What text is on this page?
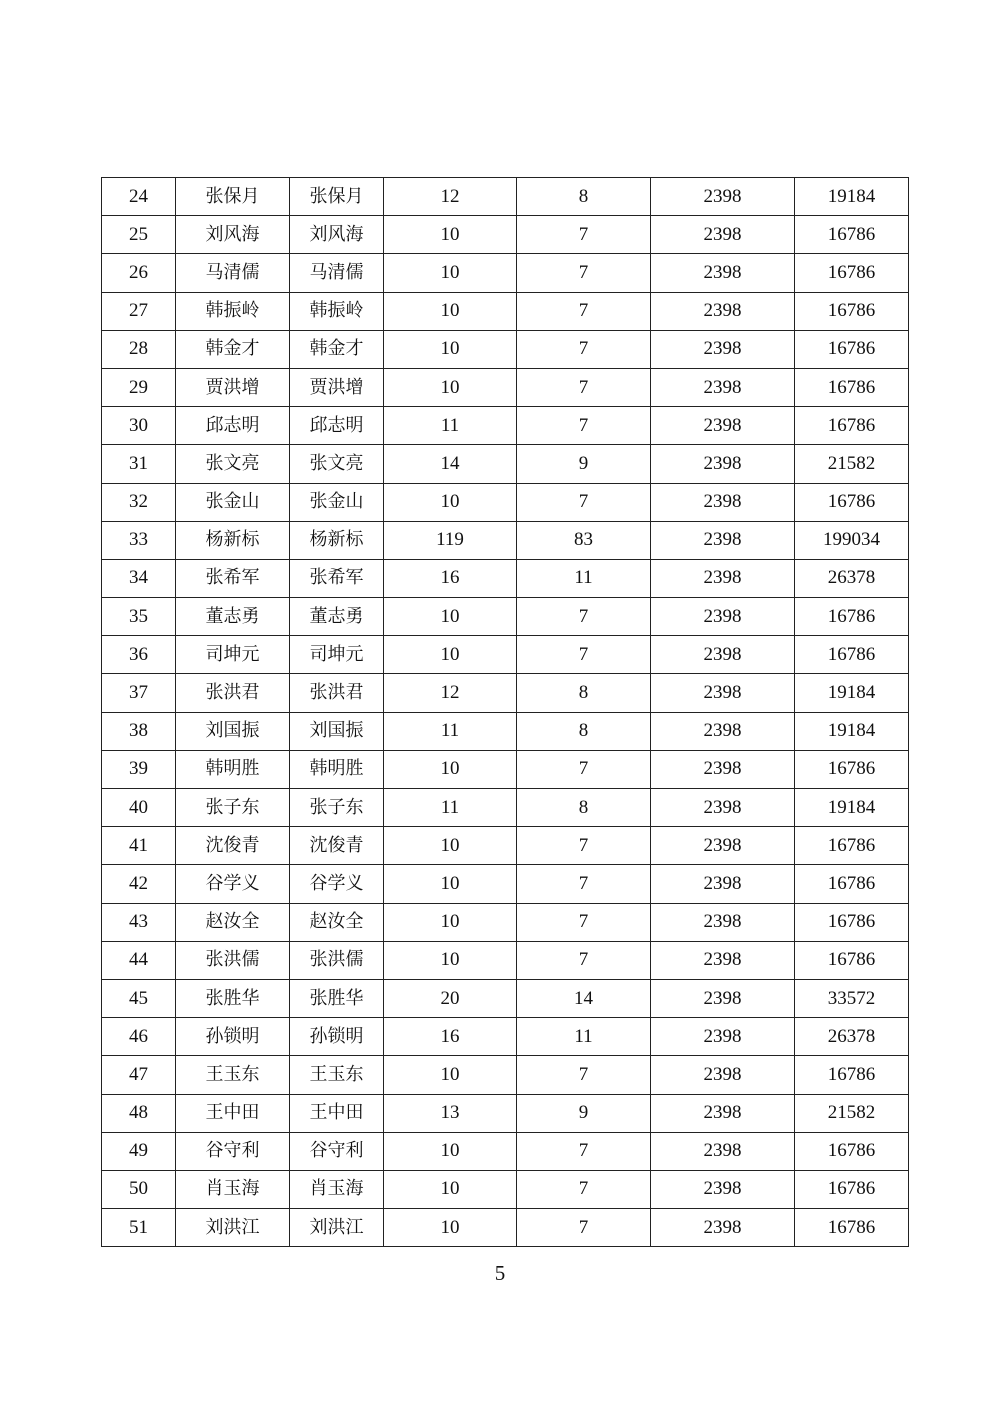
24	张保月	张保月	12	8	2398	19184
25	刘风海	刘风海	10	7	2398	16786
26	马清儒	马清儒	10	7	2398	16786
27	韩振岭	韩振岭	10	7	2398	16786
28	韩金才	韩金才	10	7	2398	16786
29	贾洪增	贾洪增	10	7	2398	16786
30	邱志明	邱志明	11	7	2398	16786
31	张文亮	张文亮	14	9	2398	21582
32	张金山	张金山	10	7	2398	16786
33	杨新标	杨新标	119	83	2398	199034
34	张希军	张希军	16	11	2398	26378
35	董志勇	董志勇	10	7	2398	16786
36	司坤元	司坤元	10	7	2398	16786
37	张洪君	张洪君	12	8	2398	19184
38	刘国振	刘国振	11	8	2398	19184
39	韩明胜	韩明胜	10	7	2398	16786
40	张子东	张子东	11	8	2398	19184
41	沈俊青	沈俊青	10	7	2398	16786
42	谷学义	谷学义	10	7	2398	16786
43	赵汝全	赵汝全	10	7	2398	16786
44	张洪儒	张洪儒	10	7	2398	16786
45	张胜华	张胜华	20	14	2398	33572
46	孙锁明	孙锁明	16	11	2398	26378
47	王玉东	王玉东	10	7	2398	16786
48	王中田	王中田	13	9	2398	21582
49	谷守利	谷守利	10	7	2398	16786
50	肖玉海	肖玉海	10	7	2398	16786
51	刘洪江	刘洪江	10	7	2398	16786
5
